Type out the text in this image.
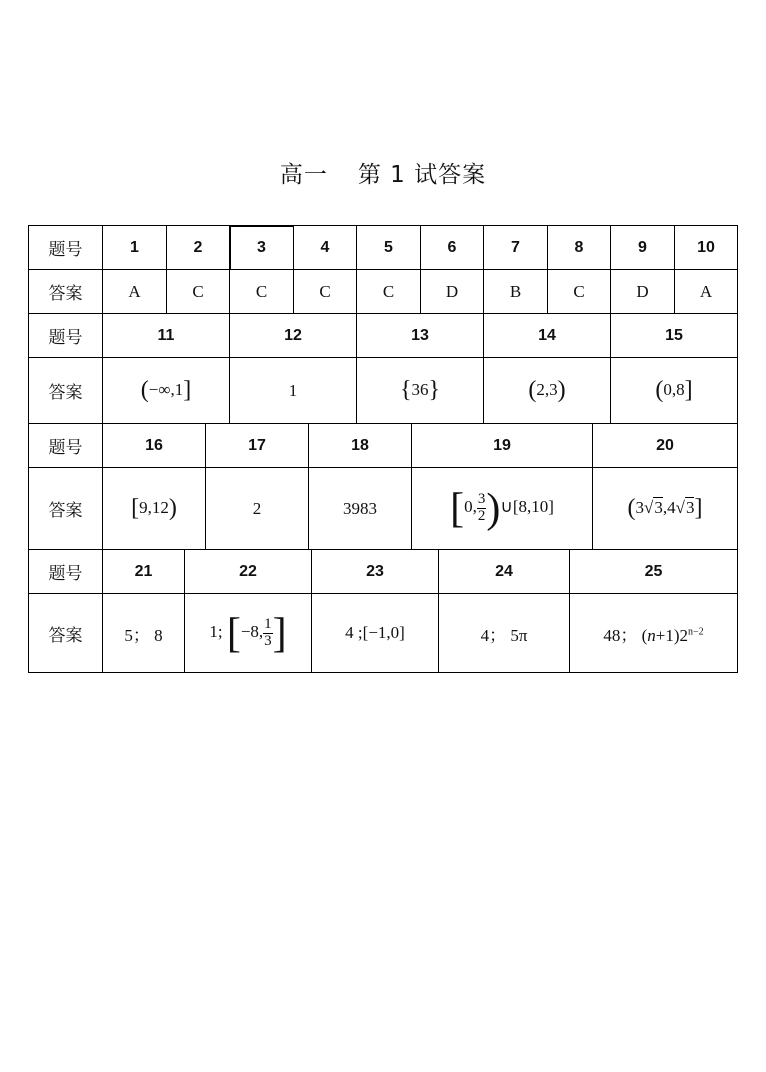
高一 第 1 试答案
题号	1	2	3	4	5	6	7	8	9	10
答案	A	C	C	C	C	D	B	C	D	A
题号	11	12	13	14	15
答案	(−∞,1]	1	{36}	(2,3)	(0,8]
题号	16	17	18	19	20
答案	[9,12)	2	3983	[0, $\frac{3}{2}$ )∪[8,10]	(3√3,4√3]
题号	21	22	23	24	25
答案	5； 8	1; [−8, $\frac{1}{3}$ ]	4 ;[−1,0]	4； 5π	48； $(n+1)2^{n-2}$
